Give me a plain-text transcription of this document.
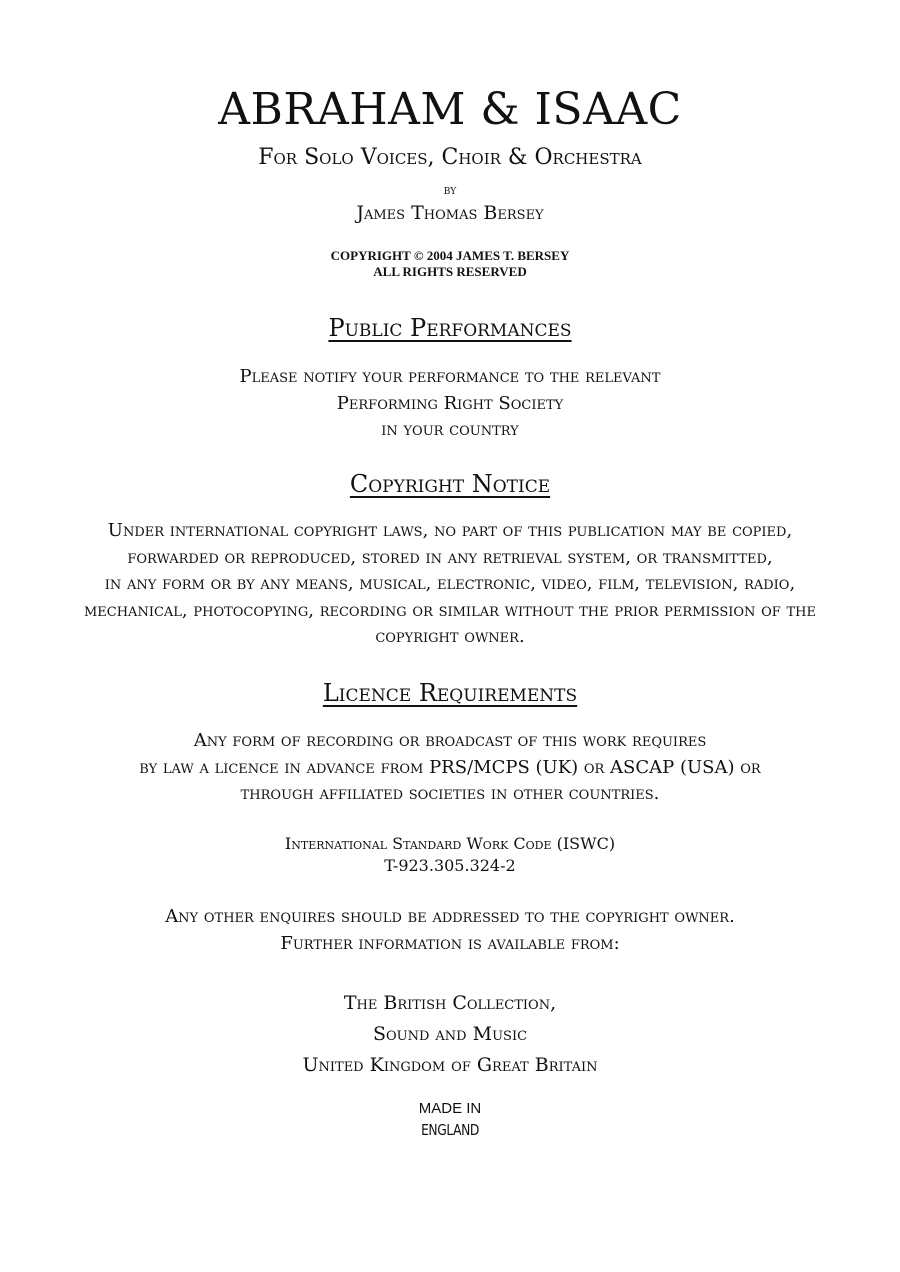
ABRAHAM & ISAAC
For Solo Voices, Choir & Orchestra
by
James Thomas Bersey
COPYRIGHT © 2004 JAMES T. BERSEY
ALL RIGHTS RESERVED
Public Performances
Please notify your performance to the relevant
Performing Right Society
in your country
Copyright Notice
Under international copyright laws, no part of this publication may be copied,
forwarded or reproduced, stored in any retrieval system, or transmitted,
in any form or by any means, musical, electronic, video, film, television, radio,
mechanical, photocopying, recording or similar without the prior permission of the
copyright owner.
Licence Requirements
Any form of recording or broadcast of this work requires
by law a licence in advance from PRS/MCPS (UK) or ASCAP (USA) or
through affiliated societies in other countries.
International Standard Work Code (ISWC)
T-923.305.324-2
Any other enquires should be addressed to the copyright owner.
Further information is available from:
The British Collection,
Sound and Music
United Kingdom of Great Britain
MADE IN
ENGLAND
